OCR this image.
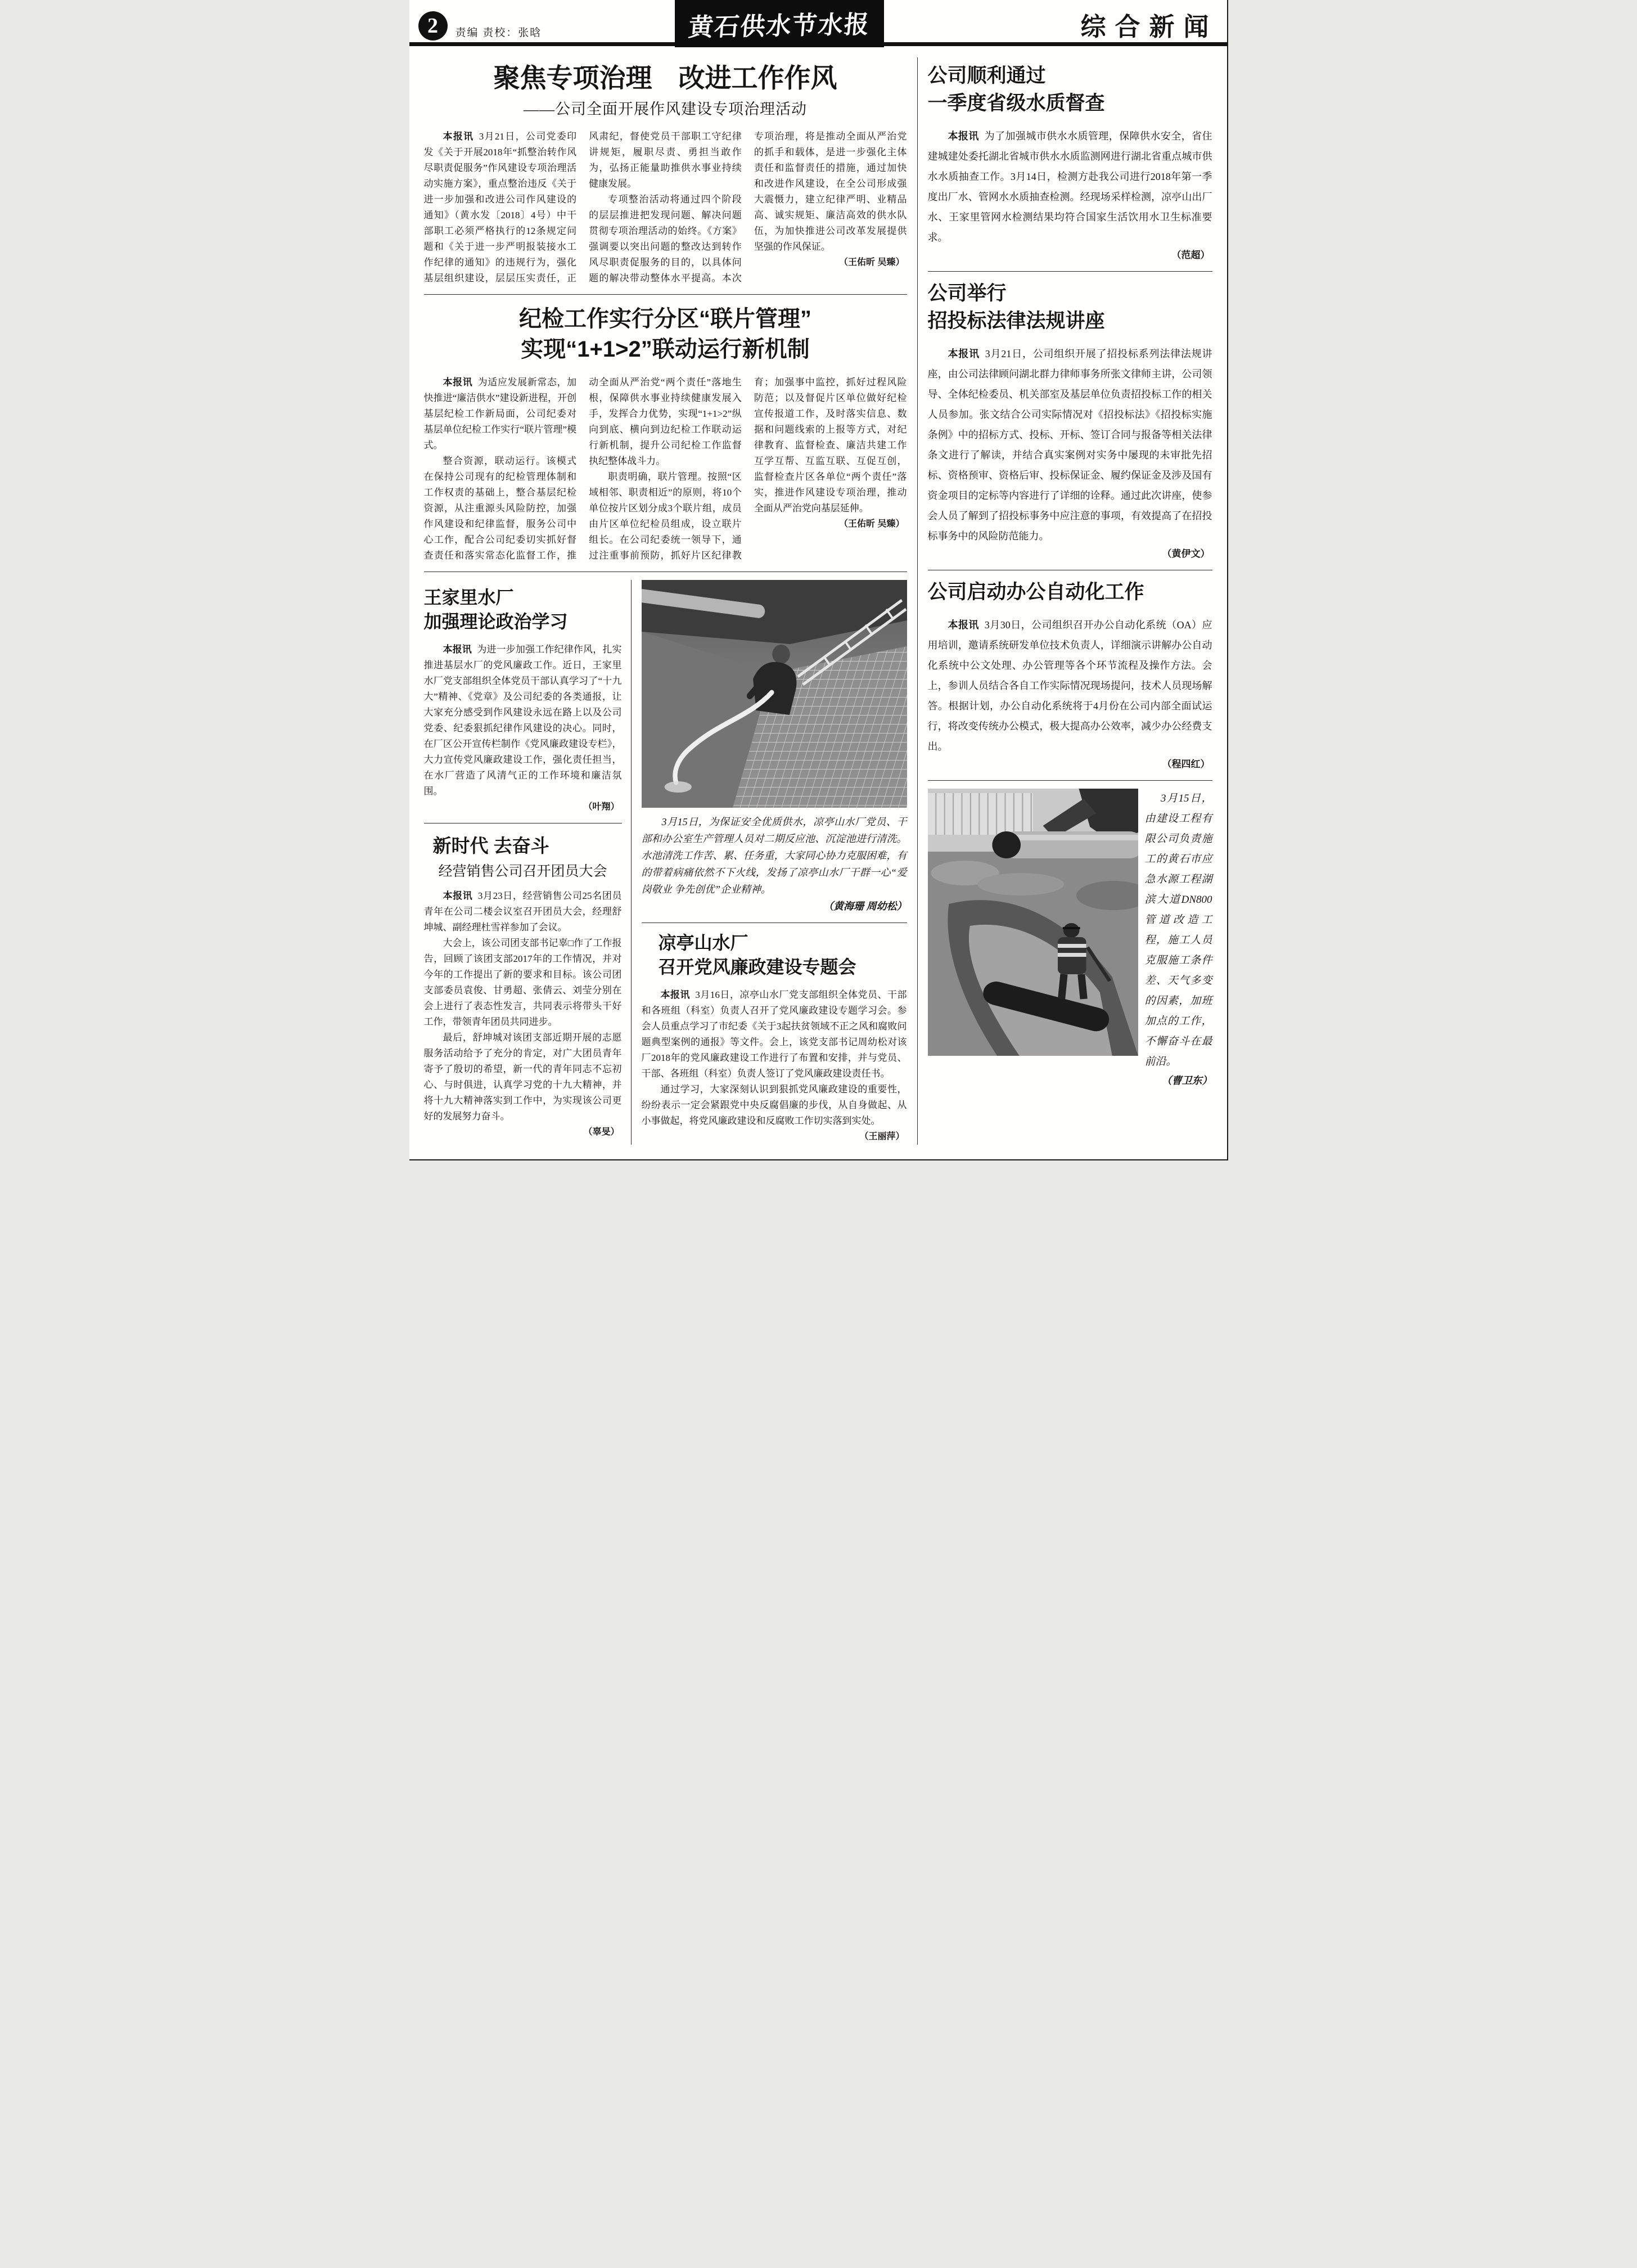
2	责编 责校：张晗	综合新闻
黄石供水节水报
聚焦专项治理　改进工作作风
——公司全面开展作风建设专项治理活动

本报讯 3月21日，公司党委印发《关于开展2018年“抓整治转作风尽职责促服务”作风建设专项治理活动实施方案》，重点整治违反《关于进一步加强和改进公司作风建设的通知》（黄水发〔2018〕4号）中干部职工必须严格执行的12条规定问题和《关于进一步严明报装接水工作纪律的通知》的违规行为，强化基层组织建设，层层压实责任，正风肃纪，督使党员干部职工守纪律讲规矩，履职尽责、勇担当敢作为，弘扬正能量助推供水事业持续健康发展。

专项整治活动将通过四个阶段的层层推进把发现问题、解决问题贯彻专项治理活动的始终。《方案》强调要以突出问题的整改达到转作风尽职责促服务的目的，以具体问题的解决带动整体水平提高。本次专项治理，将是推动全面从严治党的抓手和载体，是进一步强化主体责任和监督责任的措施，通过加快和改进作风建设，在全公司形成强大震慑力，建立纪律严明、业精品高、诚实规矩、廉洁高效的供水队伍，为加快推进公司改革发展提供坚强的作风保证。

（王佑昕 吴臻）
纪检工作实行分区“联片管理”
实现“1+1>2”联动运行新机制

本报讯 为适应发展新常态，加快推进“廉洁供水”建设新进程，开创基层纪检工作新局面，公司纪委对基层单位纪检工作实行“联片管理”模式。

整合资源，联动运行。该模式在保持公司现有的纪检管理体制和工作权责的基础上，整合基层纪检资源，从注重源头风险防控，加强作风建设和纪律监督，服务公司中心工作，配合公司纪委切实抓好督查责任和落实常态化监督工作，推动全面从严治党“两个责任”落地生根，保障供水事业持续健康发展入手，发挥合力优势，实现“1+1>2”纵向到底、横向到边纪检工作联动运行新机制，提升公司纪检工作监督执纪整体战斗力。

职责明确，联片管理。按照“区域相邻、职责相近”的原则，将10个单位按片区划分成3个联片组，成员由片区单位纪检员组成，设立联片组长。在公司纪委统一领导下，通过注重事前预防，抓好片区纪律教育；加强事中监控，抓好过程风险防范；以及督促片区单位做好纪检宣传报道工作，及时落实信息、数据和问题线索的上报等方式，对纪律教育、监督检查、廉洁共建工作互学互帮、互监互联、互促互创，监督检查片区各单位“两个责任”落实，推进作风建设专项治理，推动全面从严治党向基层延伸。

（王佑昕 吴臻）
王家里水厂
加强理论政治学习

本报讯 为进一步加强工作纪律作风，扎实推进基层水厂的党风廉政工作。近日，王家里水厂党支部组织全体党员干部认真学习了“十九大”精神、《党章》及公司纪委的各类通报，让大家充分感受到作风建设永远在路上以及公司党委、纪委狠抓纪律作风建设的决心。同时，在厂区公开宣传栏制作《党风廉政建设专栏》，大力宣传党风廉政建设工作，强化责任担当，在水厂营造了风清气正的工作环境和廉洁氛围。

（叶翔）
新时代 去奋斗
经营销售公司召开团员大会

本报讯 3月23日，经营销售公司25名团员青年在公司二楼会议室召开团员大会，经理舒坤城、副经理杜雪祥参加了会议。

大会上，该公司团支部书记辜□作了工作报告，回顾了该团支部2017年的工作情况，并对今年的工作提出了新的要求和目标。该公司团支部委员袁俊、甘勇超、张倩云、刘莹分别在会上进行了表态性发言，共同表示将带头干好工作，带领青年团员共同进步。

最后，舒坤城对该团支部近期开展的志愿服务活动给予了充分的肯定，对广大团员青年寄予了殷切的希望，新一代的青年同志不忘初心、与时俱进，认真学习党的十九大精神，并将十九大精神落实到工作中，为实现该公司更好的发展努力奋斗。

（辜旻）
3月15日，为保证安全优质供水，凉亭山水厂党员、干部和办公室生产管理人员对二期反应池、沉淀池进行清洗。水池清洗工作苦、累、任务重，大家同心协力克服困难，有的带着病痛依然不下火线，发扬了凉亭山水厂干群一心“爱岗敬业 争先创优”企业精神。
（黄海珊 周幼松）
凉亭山水厂
召开党风廉政建设专题会

本报讯 3月16日，凉亭山水厂党支部组织全体党员、干部和各班组（科室）负责人召开了党风廉政建设专题学习会。参会人员重点学习了市纪委《关于3起扶贫领域不正之风和腐败问题典型案例的通报》等文件。会上，该党支部书记周幼松对该厂2018年的党风廉政建设工作进行了布置和安排，并与党员、干部、各班组（科室）负责人签订了党风廉政建设责任书。

通过学习，大家深刻认识到狠抓党风廉政建设的重要性，纷纷表示一定会紧跟党中央反腐倡廉的步伐，从自身做起、从小事做起，将党风廉政建设和反腐败工作切实落到实处。

（王丽萍）
公司顺利通过
一季度省级水质督查

本报讯 为了加强城市供水水质管理，保障供水安全，省住建城建处委托湖北省城市供水水质监测网进行湖北省重点城市供水水质抽查工作。3月14日，检测方赴我公司进行2018年第一季度出厂水、管网水水质抽查检测。经现场采样检测，凉亭山出厂水、王家里管网水检测结果均符合国家生活饮用水卫生标准要求。

（范超）
公司举行
招投标法律法规讲座

本报讯 3月21日，公司组织开展了招投标系列法律法规讲座，由公司法律顾问湖北群力律师事务所张文律师主讲，公司领导、全体纪检委员、机关部室及基层单位负责招投标工作的相关人员参加。张文结合公司实际情况对《招投标法》《招投标实施条例》中的招标方式、投标、开标、签订合同与报备等相关法律条文进行了解读，并结合真实案例对实务中屡现的未审批先招标、资格预审、资格后审、投标保证金、履约保证金及涉及国有资金项目的定标等内容进行了详细的诠释。通过此次讲座，使参会人员了解到了招投标事务中应注意的事项，有效提高了在招投标事务中的风险防范能力。

（黄伊文）
公司启动办公自动化工作

本报讯 3月30日，公司组织召开办公自动化系统（OA）应用培训，邀请系统研发单位技术负责人，详细演示讲解办公自动化系统中公文处理、办公管理等各个环节流程及操作方法。会上，参训人员结合各自工作实际情况现场提问，技术人员现场解答。根据计划，办公自动化系统将于4月份在公司内部全面试运行，将改变传统办公模式，极大提高办公效率，减少办公经费支出。

（程四红）
3月15日，由建设工程有限公司负责施工的黄石市应急水源工程湖滨大道DN800管道改造工程，施工人员克服施工条件差、天气多变的因素，加班加点的工作，不懈奋斗在最前沿。
（曹卫东）
